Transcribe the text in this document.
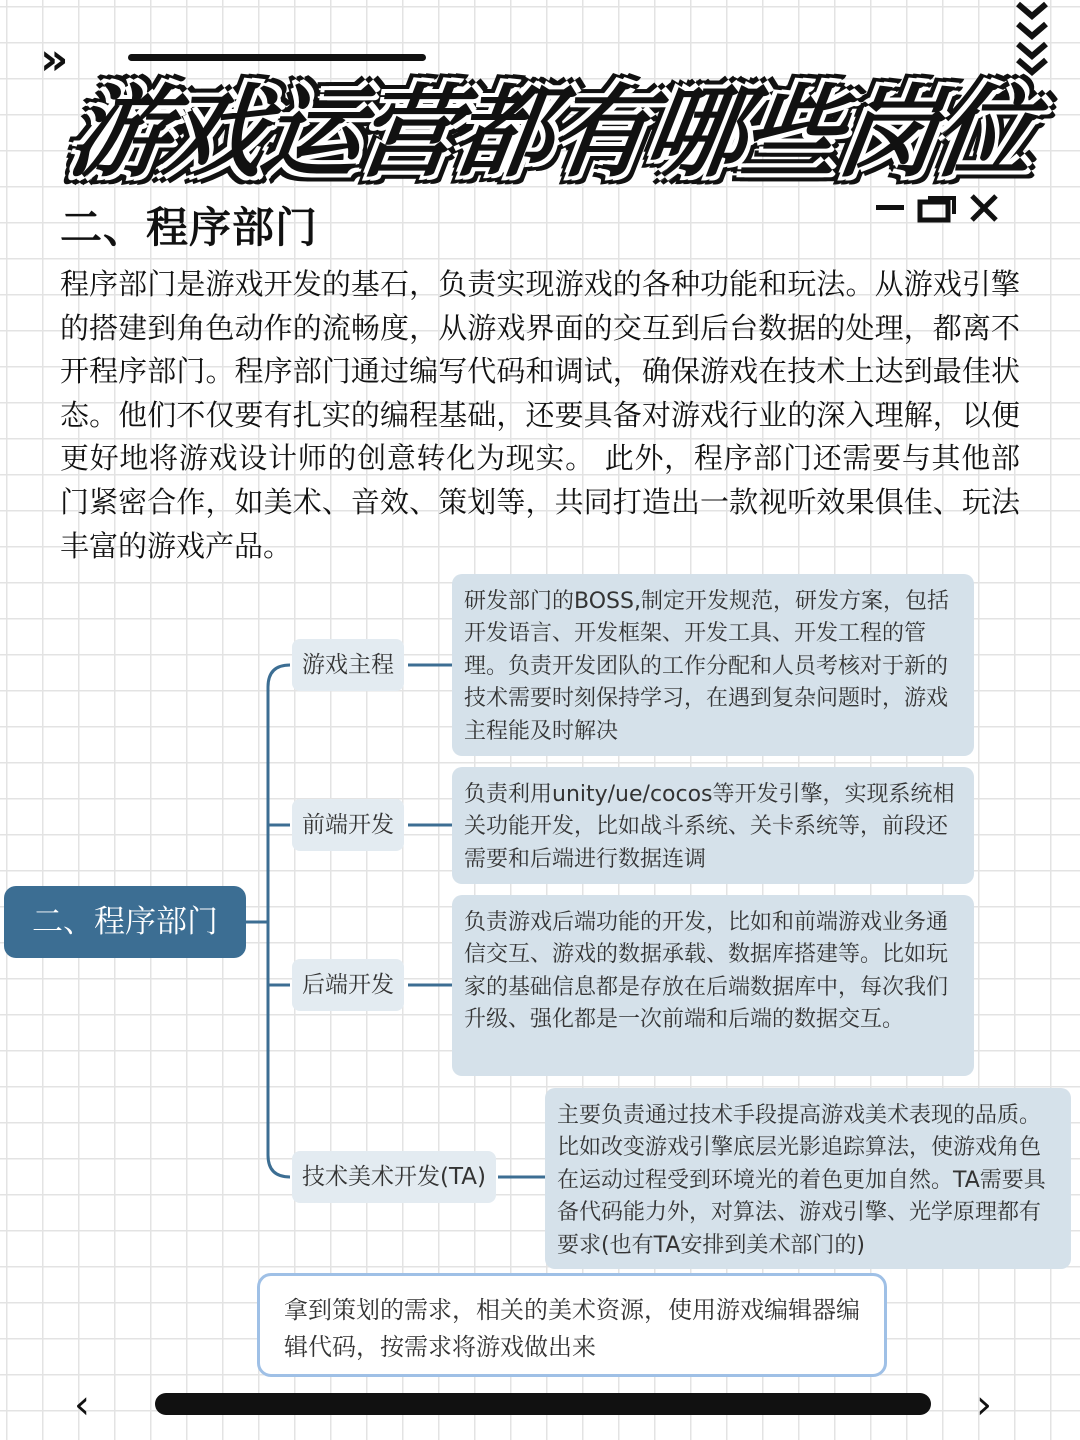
»
游戏运营都有哪些岗位
二、程序部门

程序部门是游戏开发的基石，负责实现游戏的各种功能和玩法。从游戏引擎的搭建到角色动作的流畅度，从游戏界面的交互到后台数据的处理，都离不开程序部门。程序部门通过编写代码和调试，确保游戏在技术上达到最佳状 态。他们不仅要有扎实的编程基础，还要具备对游戏行业的深入理解，以便更好地将游戏设计师的创意转化为现实。 此外，程序部门还需要与其他部门紧密合作，如美术、音效、策划等，共同打造出一款视听效果俱佳、玩法丰富的游戏产品。

二、程序部门
游戏主程
前端开发
后端开发
技术美术开发(TA)
研发部门的BOSS,制定开发规范，研发方案，包括开发语言、开发框架、开发工具、开发工程的管理。负责开发团队的工作分配和人员考核对于新的技术需要时刻保持学习，在遇到复杂问题时，游戏主程能及时解决
负责利用unity/ue/cocos等开发引擎，实现系统相关功能开发，比如战斗系统、关卡系统等，前段还需要和后端进行数据连调
负责游戏后端功能的开发，比如和前端游戏业务通信交互、游戏的数据承载、数据库搭建等。比如玩家的基础信息都是存放在后端数据库中，每次我们升级、强化都是一次前端和后端的数据交互。
主要负责通过技术手段提高游戏美术表现的品质。比如改变游戏引擎底层光影追踪算法，使游戏角色在运动过程受到环境光的着色更加自然。TA需要具备代码能力外，对算法、游戏引擎、光学原理都有要求(也有TA安排到美术部门的)
拿到策划的需求，相关的美术资源，使用游戏编辑器编辑代码，按需求将游戏做出来
‹	›
